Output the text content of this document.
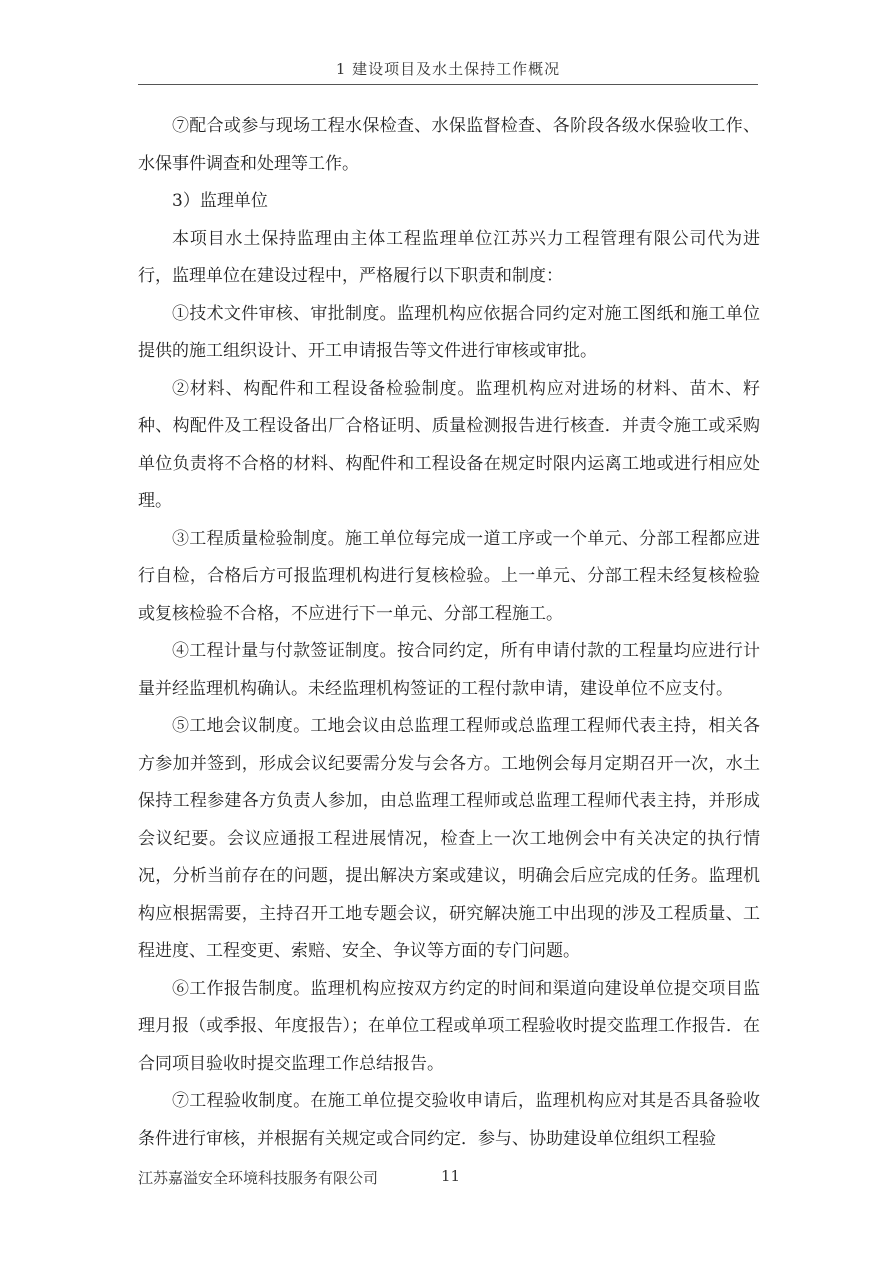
1 建设项目及水土保持工作概况

⑦配合或参与现场工程水保检查、水保监督检查、各阶段各级水保验收工作、水保事件调查和处理等工作。

3）监理单位

本项目水土保持监理由主体工程监理单位江苏兴力工程管理有限公司代为进行，监理单位在建设过程中，严格履行以下职责和制度：

①技术文件审核、审批制度。监理机构应依据合同约定对施工图纸和施工单位提供的施工组织设计、开工申请报告等文件进行审核或审批。

②材料、构配件和工程设备检验制度。监理机构应对进场的材料、苗木、籽种、构配件及工程设备出厂合格证明、质量检测报告进行核查．并责令施工或采购单位负责将不合格的材料、构配件和工程设备在规定时限内运离工地或进行相应处理。

③工程质量检验制度。施工单位每完成一道工序或一个单元、分部工程都应进行自检，合格后方可报监理机构进行复核检验。上一单元、分部工程未经复核检验或复核检验不合格，不应进行下一单元、分部工程施工。

④工程计量与付款签证制度。按合同约定，所有申请付款的工程量均应进行计量并经监理机构确认。未经监理机构签证的工程付款申请，建设单位不应支付。

⑤工地会议制度。工地会议由总监理工程师或总监理工程师代表主持，相关各方参加并签到，形成会议纪要需分发与会各方。工地例会每月定期召开一次，水土保持工程参建各方负责人参加，由总监理工程师或总监理工程师代表主持，并形成会议纪要。会议应通报工程进展情况，检查上一次工地例会中有关决定的执行情况，分析当前存在的问题，提出解决方案或建议，明确会后应完成的任务。监理机构应根据需要，主持召开工地专题会议，研究解决施工中出现的涉及工程质量、工程进度、工程变更、索赔、安全、争议等方面的专门问题。

⑥工作报告制度。监理机构应按双方约定的时间和渠道向建设单位提交项目监理月报（或季报、年度报告）；在单位工程或单项工程验收时提交监理工作报告．在合同项目验收时提交监理工作总结报告。

⑦工程验收制度。在施工单位提交验收申请后，监理机构应对其是否具备验收条件进行审核，并根据有关规定或合同约定．参与、协助建设单位组织工程验

江苏嘉溢安全环境科技服务有限公司	11
